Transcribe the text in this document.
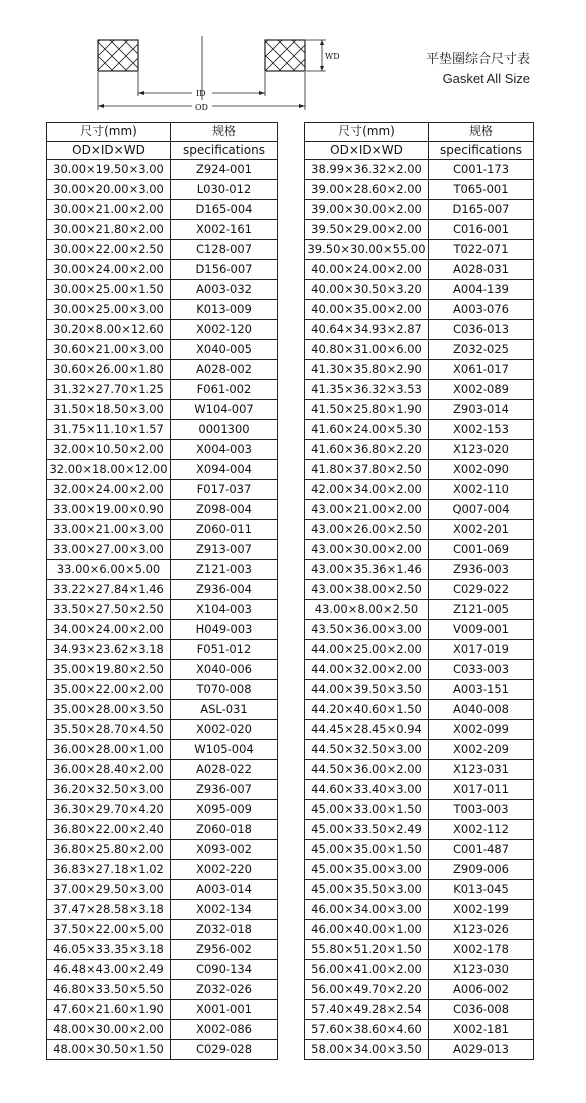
WD
ID
OD
平垫圈综合尺寸表
Gasket All Size
尺寸(mm)	规格
OD×ID×WD	specifications
30.00×19.50×3.00	Z924-001
30.00×20.00×3.00	L030-012
30.00×21.00×2.00	D165-004
30.00×21.80×2.00	X002-161
30.00×22.00×2.50	C128-007
30.00×24.00×2.00	D156-007
30.00×25.00×1.50	A003-032
30.00×25.00×3.00	K013-009
30.20×8.00×12.60	X002-120
30.60×21.00×3.00	X040-005
30.60×26.00×1.80	A028-002
31.32×27.70×1.25	F061-002
31.50×18.50×3.00	W104-007
31.75×11.10×1.57	0001300
32.00×10.50×2.00	X004-003
32.00×18.00×12.00	X094-004
32.00×24.00×2.00	F017-037
33.00×19.00×0.90	Z098-004
33.00×21.00×3.00	Z060-011
33.00×27.00×3.00	Z913-007
33.00×6.00×5.00	Z121-003
33.22×27.84×1.46	Z936-004
33.50×27.50×2.50	X104-003
34.00×24.00×2.00	H049-003
34.93×23.62×3.18	F051-012
35.00×19.80×2.50	X040-006
35.00×22.00×2.00	T070-008
35.00×28.00×3.50	ASL-031
35.50×28.70×4.50	X002-020
36.00×28.00×1.00	W105-004
36.00×28.40×2.00	A028-022
36.20×32.50×3.00	Z936-007
36.30×29.70×4.20	X095-009
36.80×22.00×2.40	Z060-018
36.80×25.80×2.00	X093-002
36.83×27.18×1.02	X002-220
37.00×29.50×3.00	A003-014
37.47×28.58×3.18	X002-134
37.50×22.00×5.00	Z032-018
46.05×33.35×3.18	Z956-002
46.48×43.00×2.49	C090-134
46.80×33.50×5.50	Z032-026
47.60×21.60×1.90	X001-001
48.00×30.00×2.00	X002-086
48.00×30.50×1.50	C029-028
尺寸(mm)	规格
OD×ID×WD	specifications
38.99×36.32×2.00	C001-173
39.00×28.60×2.00	T065-001
39.00×30.00×2.00	D165-007
39.50×29.00×2.00	C016-001
39.50×30.00×55.00	T022-071
40.00×24.00×2.00	A028-031
40.00×30.50×3.20	A004-139
40.00×35.00×2.00	A003-076
40.64×34.93×2.87	C036-013
40.80×31.00×6.00	Z032-025
41.30×35.80×2.90	X061-017
41.35×36.32×3.53	X002-089
41.50×25.80×1.90	Z903-014
41.60×24.00×5.30	X002-153
41.60×36.80×2.20	X123-020
41.80×37.80×2.50	X002-090
42.00×34.00×2.00	X002-110
43.00×21.00×2.00	Q007-004
43.00×26.00×2.50	X002-201
43.00×30.00×2.00	C001-069
43.00×35.36×1.46	Z936-003
43.00×38.00×2.50	C029-022
43.00×8.00×2.50	Z121-005
43.50×36.00×3.00	V009-001
44.00×25.00×2.00	X017-019
44.00×32.00×2.00	C033-003
44.00×39.50×3.50	A003-151
44.20×40.60×1.50	A040-008
44.45×28.45×0.94	X002-099
44.50×32.50×3.00	X002-209
44.50×36.00×2.00	X123-031
44.60×33.40×3.00	X017-011
45.00×33.00×1.50	T003-003
45.00×33.50×2.49	X002-112
45.00×35.00×1.50	C001-487
45.00×35.00×3.00	Z909-006
45.00×35.50×3.00	K013-045
46.00×34.00×3.00	X002-199
46.00×40.00×1.00	X123-026
55.80×51.20×1.50	X002-178
56.00×41.00×2.00	X123-030
56.00×49.70×2.20	A006-002
57.40×49.28×2.54	C036-008
57.60×38.60×4.60	X002-181
58.00×34.00×3.50	A029-013
